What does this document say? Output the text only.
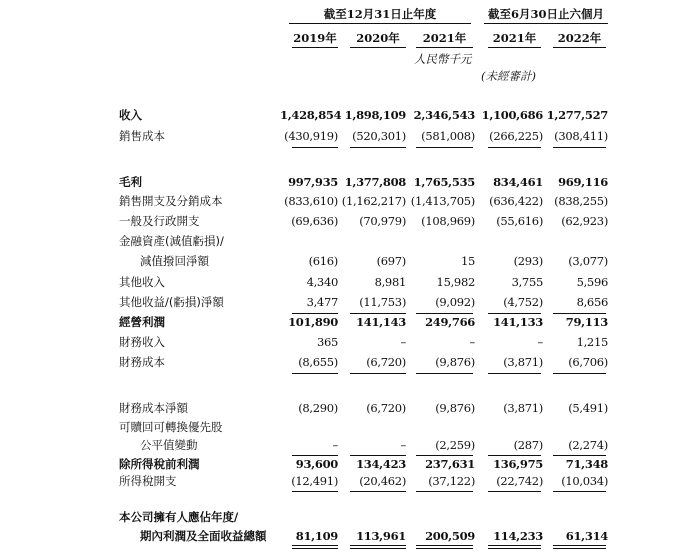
截至12月31日止年度	截至6月30日止六個月
2019年	2020年	2021年	2021年	2022年
人民幣千元
(未經審計)
收入	1,428,854 1,898,109 2,346,543 1,100,686 1,277,527
銷售成本	(430,919)	(520,301)	(581,008)	(266,225) (308,411)
毛利	997,935 1,377,808 1,765,535	834,461	969,116
銷售開支及分銷成本	(833,610) (1,162,217) (1,413,705)	(636,422) (838,255)
一般及行政開支	(69,636)	(70,979)	(108,969)	(55,616)	(62,923)
金融資產(減值虧損)/
減值撥回淨額	(616)	(697)	15	(293)	(3,077)
其他收入	4,340	8,981	15,982	3,755	5,596
其他收益/(虧損)淨額	3,477	(11,753)	(9,092)	(4,752)	8,656
經營利潤	101,890	141,143	249,766	141,133	79,113
財務收入	365	–	–	–	1,215
財務成本	(8,655)	(6,720)	(9,876)	(3,871)	(6,706)
財務成本淨額	(8,290)	(6,720)	(9,876)	(3,871)	(5,491)
可贖回可轉換優先股
公平值變動	–	–	(2,259)	(287)	(2,274)
除所得稅前利潤	93,600	134,423	237,631	136,975	71,348
所得稅開支	(12,491)	(20,462)	(37,122)	(22,742)	(10,034)
本公司擁有人應佔年度/
期內利潤及全面收益總額	81,109	113,961	200,509	114,233	61,314
